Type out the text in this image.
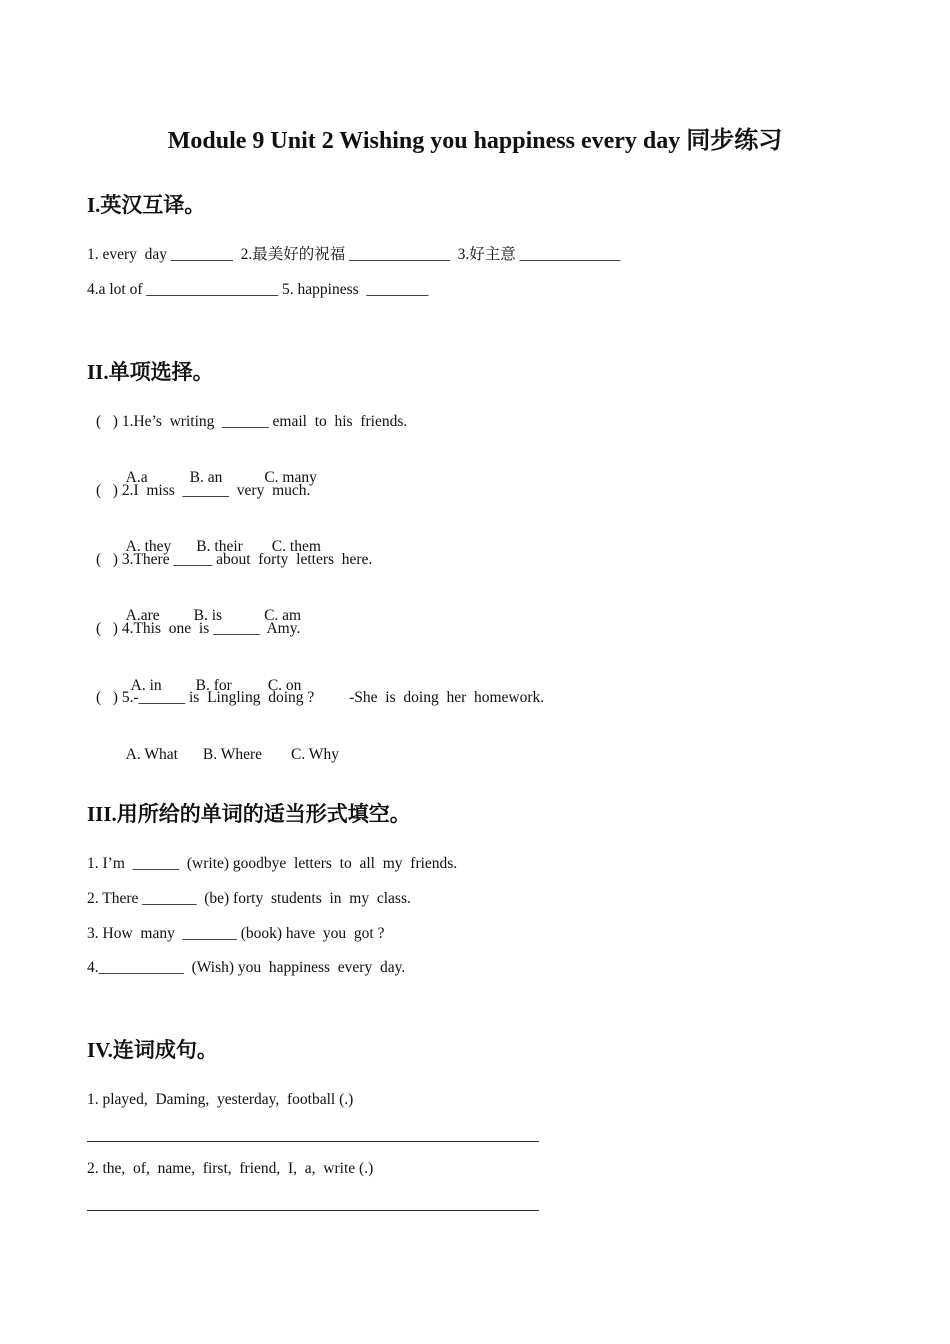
Module 9 Unit 2 Wishing you happiness every day 同步练习
I.英汉互译。
1. every  day ________  2.最美好的祝福 _____________  3.好主意 _____________
4.a lot of _________________ 5. happiness  ________
II.单项选择。
(   ) 1.He’s  writing  ______ email  to  his  friends.

A.a	B. an	C. many

(   ) 2.I  miss  ______  very  much.

A. they B. their C. them

(   ) 3.There _____ about  forty  letters  here.

A.are B. is	C. am

(   ) 4.This  one  is ______  Amy.

A. in B. for C. on

(   ) 5.-______ is  Lingling  doing ?         -She  is  doing  her  homework.

A. What B. Where C. Why

III.用所给的单词的适当形式填空。
1. I’m  ______  (write) goodbye  letters  to  all  my  friends.
2. There _______  (be) forty  students  in  my  class.
3. How  many  _______ (book) have  you  got ?
4.___________  (Wish) you  happiness  every  day.
IV.连词成句。
1. played,  Daming,  yesterday,  football (.)
2. the,  of,  name,  first,  friend,  I,  a,  write (.)
